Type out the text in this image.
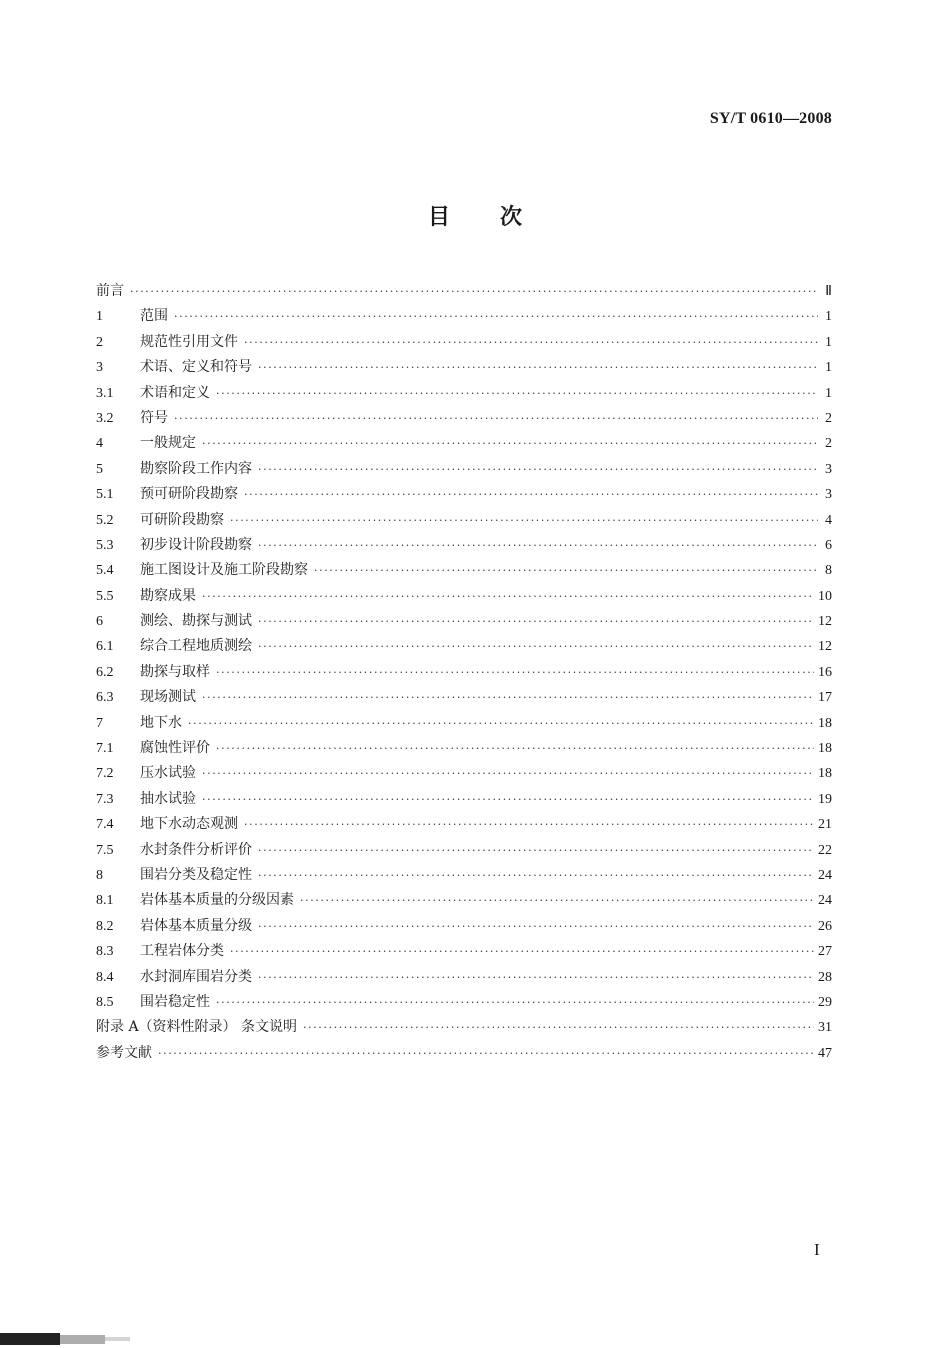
SY/T 0610—2008
目 次
前言 ·····	Ⅱ
1	范围 ·····	1
2	规范性引用文件 ·····	1
3	术语、定义和符号 ·····	1
3.1	术语和定义 ·····	1
3.2	符号 ·····	2
4	一般规定 ·····	2
5	勘察阶段工作内容 ·····	3
5.1	预可研阶段勘察 ·····	3
5.2	可研阶段勘察 ·····	4
5.3	初步设计阶段勘察 ·····	6
5.4	施工图设计及施工阶段勘察 ·····	8
5.5	勘察成果 ·····	10
6	测绘、勘探与测试 ·····	12
6.1	综合工程地质测绘 ·····	12
6.2	勘探与取样 ·····	16
6.3	现场测试 ·····	17
7	地下水 ·····	18
7.1	腐蚀性评价 ·····	18
7.2	压水试验 ·····	18
7.3	抽水试验 ·····	19
7.4	地下水动态观测 ·····	21
7.5	水封条件分析评价 ·····	22
8	围岩分类及稳定性 ·····	24
8.1	岩体基本质量的分级因素 ·····	24
8.2	岩体基本质量分级 ·····	26
8.3	工程岩体分类 ·····	27
8.4	水封洞库围岩分类 ·····	28
8.5	围岩稳定性 ·····	29
附录 A（资料性附录） 条文说明 ·····	31
参考文献 ·····	47
I
